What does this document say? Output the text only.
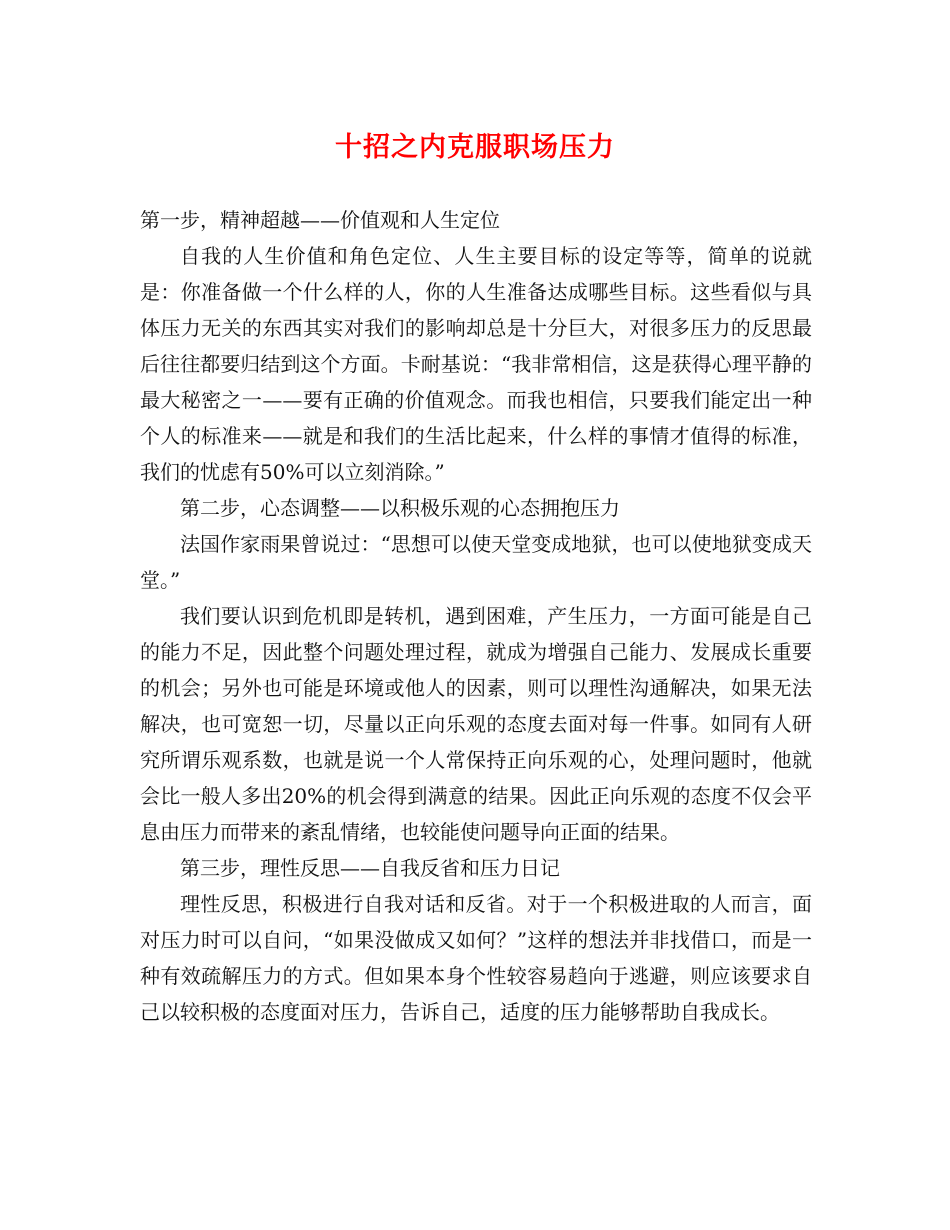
十招之内克服职场压力

第一步，精神超越——价值观和人生定位

自我的人生价值和角色定位、人生主要目标的设定等等，简单的说就是：你准备做一个什么样的人，你的人生准备达成哪些目标。这些看似与具体压力无关的东西其实对我们的影响却总是十分巨大，对很多压力的反思最后往往都要归结到这个方面。卡耐基说：“我非常相信，这是获得心理平静的最大秘密之一——要有正确的价值观念。而我也相信，只要我们能定出一种个人的标准来——就是和我们的生活比起来，什么样的事情才值得的标准，我们的忧虑有50%可以立刻消除。”

第二步，心态调整——以积极乐观的心态拥抱压力

法国作家雨果曾说过：“思想可以使天堂变成地狱，也可以使地狱变成天堂。”

我们要认识到危机即是转机，遇到困难，产生压力，一方面可能是自己的能力不足，因此整个问题处理过程，就成为增强自己能力、发展成长重要的机会；另外也可能是环境或他人的因素，则可以理性沟通解决，如果无法解决，也可宽恕一切，尽量以正向乐观的态度去面对每一件事。如同有人研究所谓乐观系数，也就是说一个人常保持正向乐观的心，处理问题时，他就会比一般人多出20%的机会得到满意的结果。因此正向乐观的态度不仅会平息由压力而带来的紊乱情绪，也较能使问题导向正面的结果。

第三步，理性反思——自我反省和压力日记

理性反思，积极进行自我对话和反省。对于一个积极进取的人而言，面对压力时可以自问，“如果没做成又如何？”这样的想法并非找借口，而是一种有效疏解压力的方式。但如果本身个性较容易趋向于逃避，则应该要求自己以较积极的态度面对压力，告诉自己，适度的压力能够帮助自我成长。
